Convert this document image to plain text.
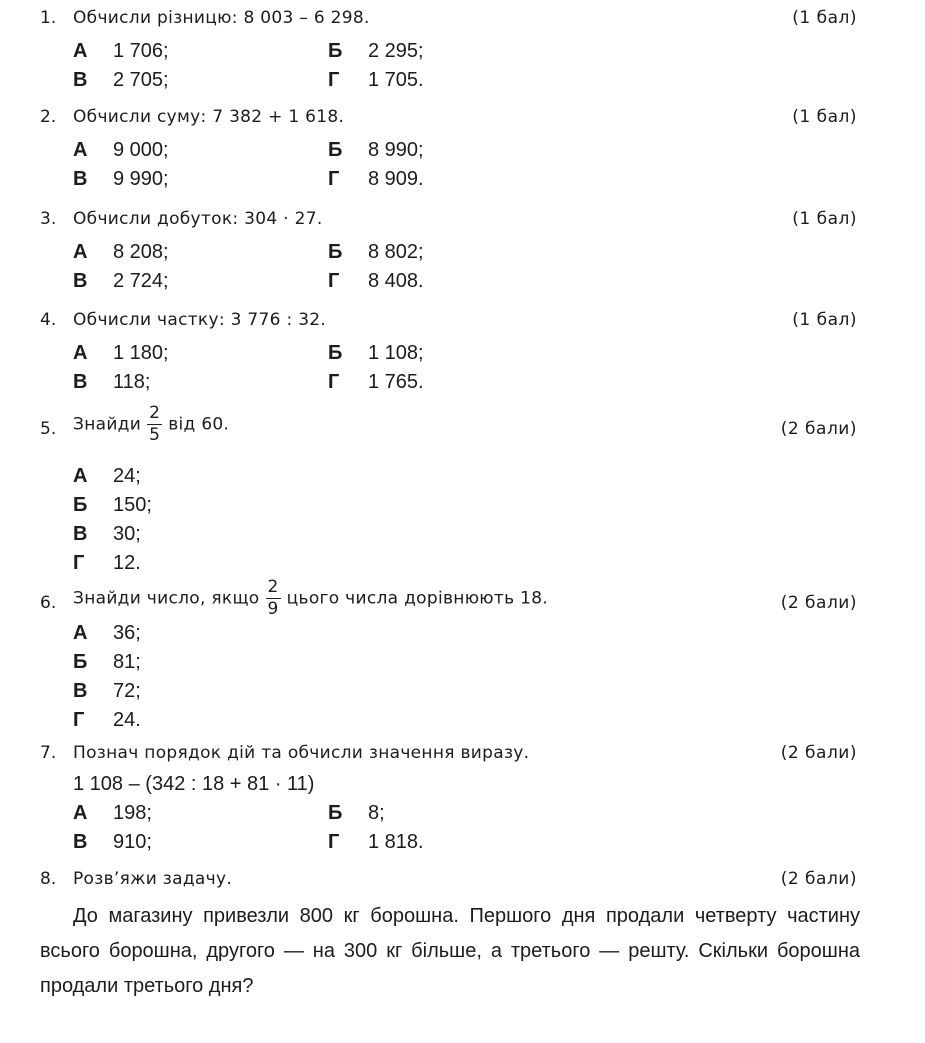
1. Обчисли різницю: 8 003 – 6 298.	(1 бал)
А 1 706;	Б 2 295;
В 2 705;	Г 1 705.
2. Обчисли суму: 7 382 + 1 618.	(1 бал)
А 9 000;	Б 8 990;
В 9 990;	Г 8 909.
3. Обчисли добуток: 304 · 27.	(1 бал)
А 8 208;	Б 8 802;
В 2 724;	Г 8 408.
4. Обчисли частку: 3 776 : 32.	(1 бал)
А 1 180;	Б 1 108;
В 118;	Г 1 765.
5. Знайди $\frac{2}{5}$ від 60.	(2 бали)
А 24;
Б 150;
В 30;
Г 12.
6. Знайди число, якщо $\frac{2}{9}$ цього числа дорівнюють 18.	(2 бали)
А 36;
Б 81;
В 72;
Г 24.
7. Познач порядок дій та обчисли значення виразу.	(2 бали)
1 108 – (342 : 18 + 81 · 11)
А 198;	Б 8;
В 910;	Г 1 818.
8. Розв’яжи задачу.	(2 бали)
До магазину привезли 800 кг борошна. Першого дня продали четверту частину всього борошна, другого — на 300 кг більше, а третього — решту. Скільки борошна продали третього дня?
